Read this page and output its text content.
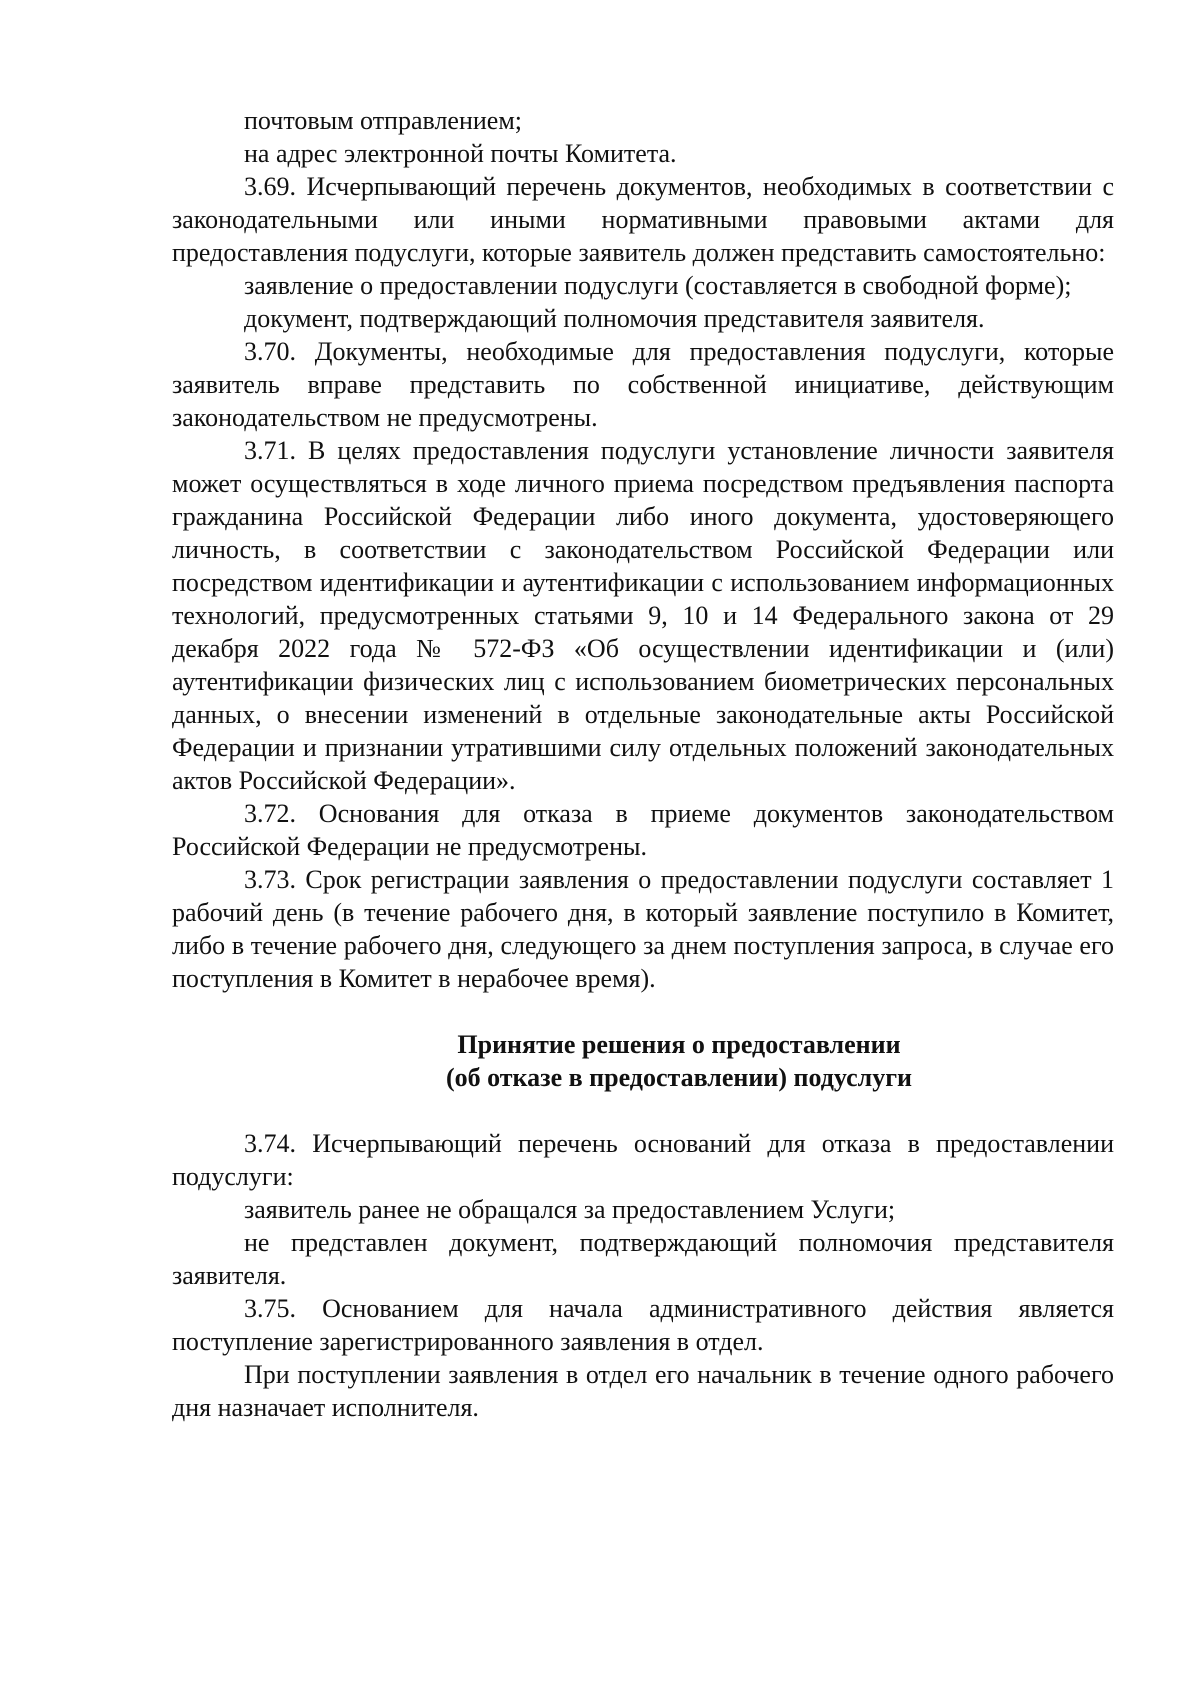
почтовым отправлением;

на адрес электронной почты Комитета.

3.69. Исчерпывающий перечень документов, необходимых в соответствии с законодательными или иными нормативными правовыми актами для предоставления подуслуги, которые заявитель должен представить самостоятельно:

заявление о предоставлении подуслуги (составляется в свободной форме);

документ, подтверждающий полномочия представителя заявителя.

3.70. Документы, необходимые для предоставления подуслуги, которые заявитель вправе представить по собственной инициативе, действующим законодательством не предусмотрены.

3.71. В целях предоставления подуслуги установление личности заявителя может осуществляться в ходе личного приема посредством предъявления паспорта гражданина Российской Федерации либо иного документа, удостоверяющего личность, в соответствии с законодательством Российской Федерации или посредством идентификации и аутентификации с использованием информационных технологий, предусмотренных статьями 9, 10 и 14 Федерального закона от 29 декабря 2022 года № 572-ФЗ «Об осуществлении идентификации и (или) аутентификации физических лиц с использованием биометрических персональных данных, о внесении изменений в отдельные законодательные акты Российской Федерации и признании утратившими силу отдельных положений законодательных актов Российской Федерации».

3.72. Основания для отказа в приеме документов законодательством Российской Федерации не предусмотрены.

3.73. Срок регистрации заявления о предоставлении подуслуги составляет 1 рабочий день (в течение рабочего дня, в который заявление поступило в Комитет, либо в течение рабочего дня, следующего за днем поступления запроса, в случае его поступления в Комитет в нерабочее время).

Принятие решения о предоставлении

(об отказе в предоставлении) подуслуги

3.74. Исчерпывающий перечень оснований для отказа в предоставлении подуслуги:

заявитель ранее не обращался за предоставлением Услуги;

не представлен документ, подтверждающий полномочия представителя заявителя.

3.75. Основанием для начала административного действия является поступление зарегистрированного заявления в отдел.

При поступлении заявления в отдел его начальник в течение одного рабочего дня назначает исполнителя.
